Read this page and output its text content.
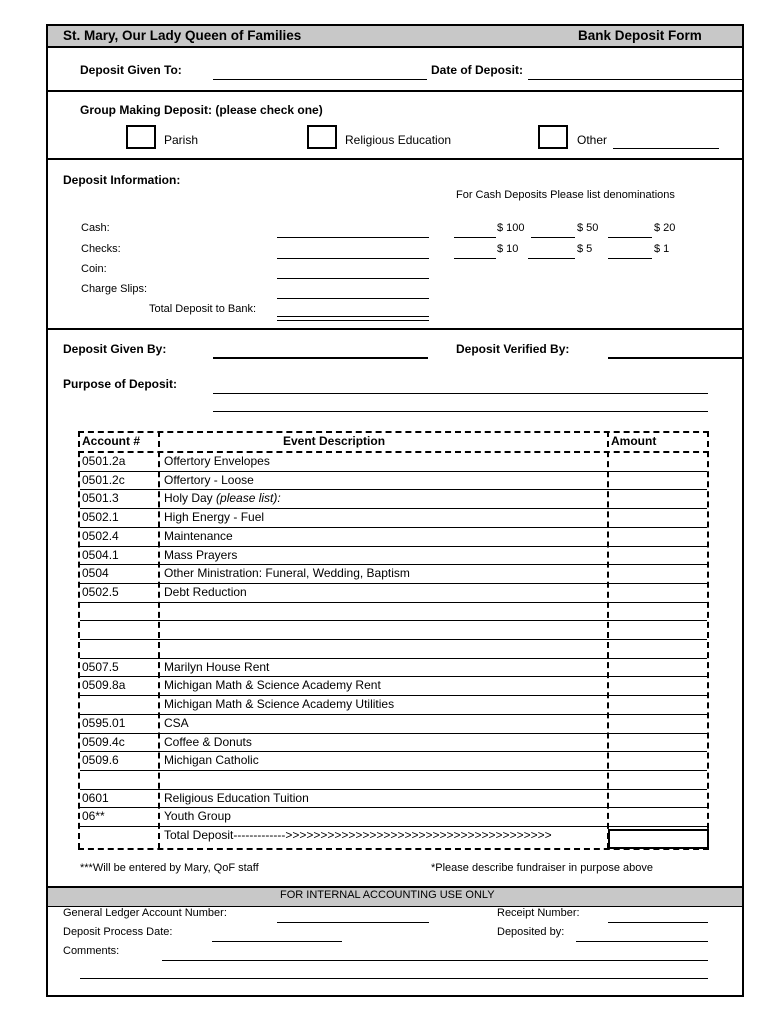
St. Mary, Our Lady Queen of Families	Bank Deposit Form
Deposit Given To:	Date of Deposit:
Group Making Deposit: (please check one)
Parish	Religious Education	Other
Deposit Information:
For Cash Deposits Please list denominations
Cash:
Checks:
Coin:
Charge Slips:
Total Deposit to Bank:
$ 100	$ 50	$ 20
$ 10	$ 5	$ 1
Deposit Given By:	Deposit Verified By:
Purpose of Deposit:
Account #	Event Description	Amount
0501.2a	Offertory Envelopes
0501.2c	Offertory - Loose
0501.3	Holy Day (please list):
0502.1	High Energy - Fuel
0502.4	Maintenance
0504.1	Mass Prayers
0504	Other Ministration: Funeral, Wedding, Baptism
0502.5	Debt Reduction
0507.5	Marilyn House Rent
0509.8a	Michigan Math & Science Academy Rent
Michigan Math & Science Academy Utilities
0595.01	CSA
0509.4c	Coffee & Donuts
0509.6	Michigan Catholic
0601	Religious Education Tuition
06**	Youth Group
Total Deposit------------->>>>>>>>>>>>>>>>>>>>>>>>>>>>>>>>>>>>>>
***Will be entered by Mary, QoF staff	*Please describe fundraiser in purpose above
FOR INTERNAL ACCOUNTING USE ONLY
General Ledger Account Number:	Receipt Number:
Deposit Process Date:	Deposited by:
Comments:
